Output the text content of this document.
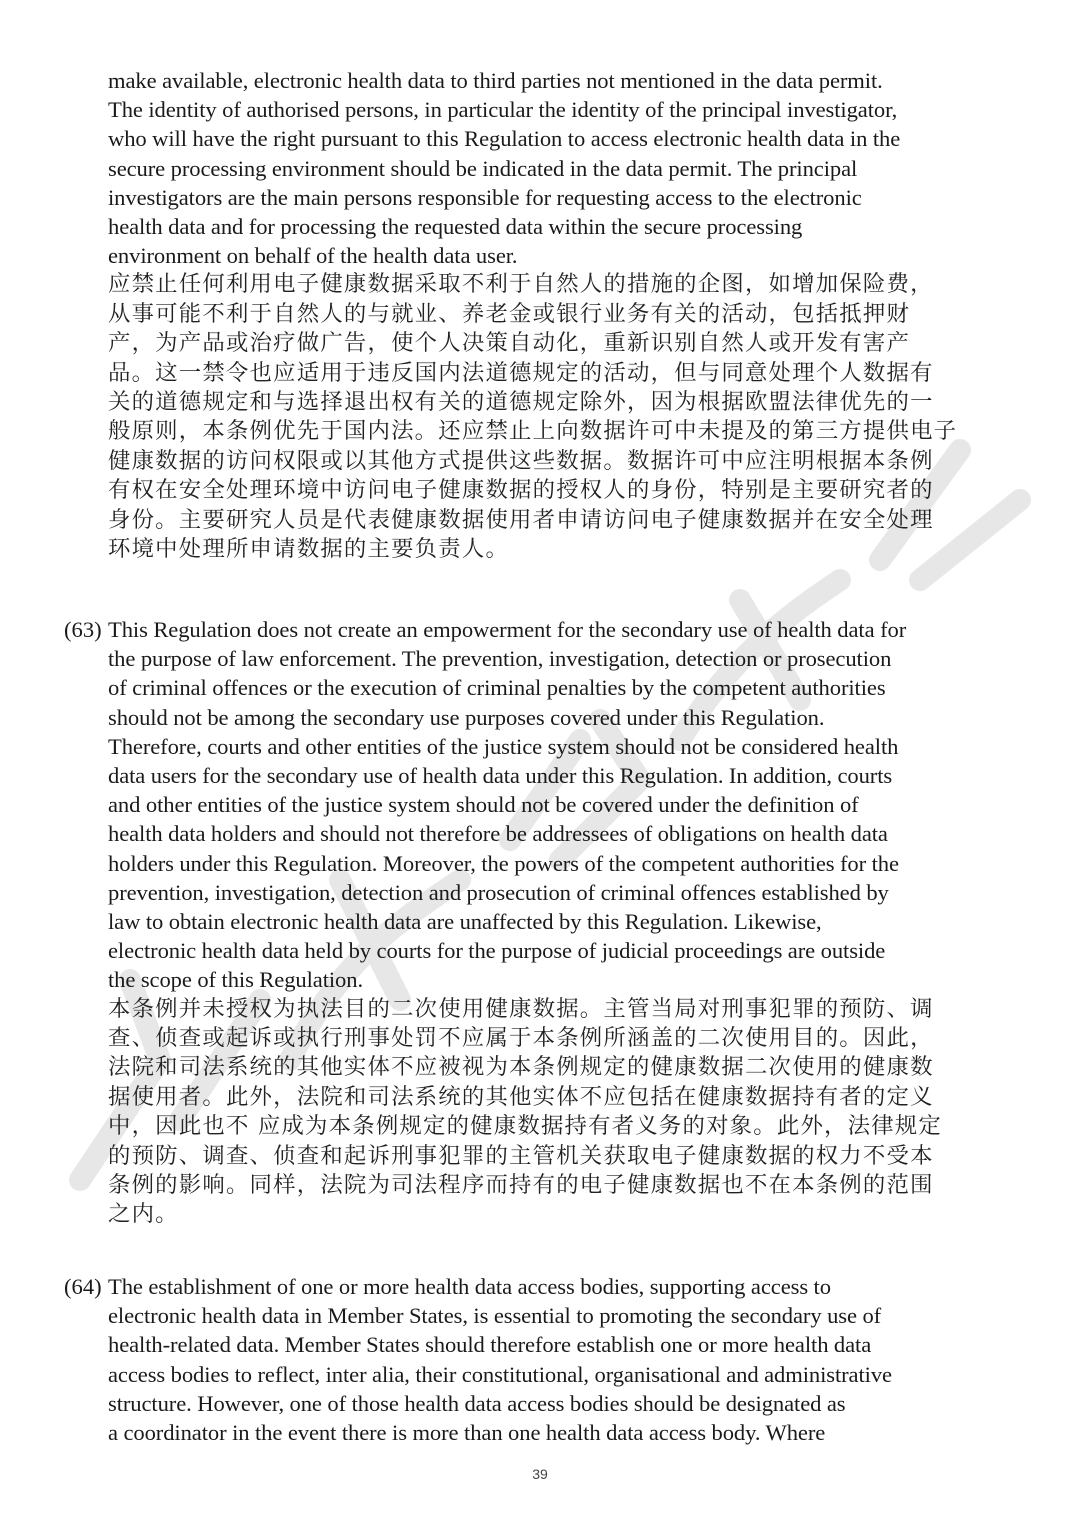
make available, electronic health data to third parties not mentioned in the data permit.
The identity of authorised persons, in particular the identity of the principal investigator,
who will have the right pursuant to this Regulation to access electronic health data in the
secure processing environment should be indicated in the data permit. The principal
investigators are the main persons responsible for requesting access to the electronic
health data and for processing the requested data within the secure processing
environment on behalf of the health data user.

应禁止任何利用电子健康数据采取不利于自然人的措施的企图，如增加保险费，
从事可能不利于自然人的与就业、养老金或银行业务有关的活动，包括抵押财
产，为产品或治疗做广告，使个人决策自动化，重新识别自然人或开发有害产
品。这一禁令也应适用于违反国内法道德规定的活动，但与同意处理个人数据有
关的道德规定和与选择退出权有关的道德规定除外，因为根据欧盟法律优先的一
般原则，本条例优先于国内法。还应禁止上向数据许可中未提及的第三方提供电子
健康数据的访问权限或以其他方式提供这些数据。数据许可中应注明根据本条例
有权在安全处理环境中访问电子健康数据的授权人的身份，特别是主要研究者的
身份。主要研究人员是代表健康数据使用者申请访问电子健康数据并在安全处理
环境中处理所申请数据的主要负责人。

(63) This Regulation does not create an empowerment for the secondary use of health data for
the purpose of law enforcement. The prevention, investigation, detection or prosecution
of criminal offences or the execution of criminal penalties by the competent authorities
should not be among the secondary use purposes covered under this Regulation.
Therefore, courts and other entities of the justice system should not be considered health
data users for the secondary use of health data under this Regulation. In addition, courts
and other entities of the justice system should not be covered under the definition of
health data holders and should not therefore be addressees of obligations on health data
holders under this Regulation. Moreover, the powers of the competent authorities for the
prevention, investigation, detection and prosecution of criminal offences established by
law to obtain electronic health data are unaffected by this Regulation. Likewise,
electronic health data held by courts for the purpose of judicial proceedings are outside
the scope of this Regulation.

本条例并未授权为执法目的二次使用健康数据。主管当局对刑事犯罪的预防、调
查、侦查或起诉或执行刑事处罚不应属于本条例所涵盖的二次使用目的。因此，
法院和司法系统的其他实体不应被视为本条例规定的健康数据二次使用的健康数
据使用者。此外，法院和司法系统的其他实体不应包括在健康数据持有者的定义
中，因此也不 应成为本条例规定的健康数据持有者义务的对象。此外，法律规定
的预防、调查、侦查和起诉刑事犯罪的主管机关获取电子健康数据的权力不受本
条例的影响。同样，法院为司法程序而持有的电子健康数据也不在本条例的范围
之内。

(64) The establishment of one or more health data access bodies, supporting access to
electronic health data in Member States, is essential to promoting the secondary use of
health-related data. Member States should therefore establish one or more health data
access bodies to reflect, inter alia, their constitutional, organisational and administrative
structure. However, one of those health data access bodies should be designated as
a coordinator in the event there is more than one health data access body. Where

39
